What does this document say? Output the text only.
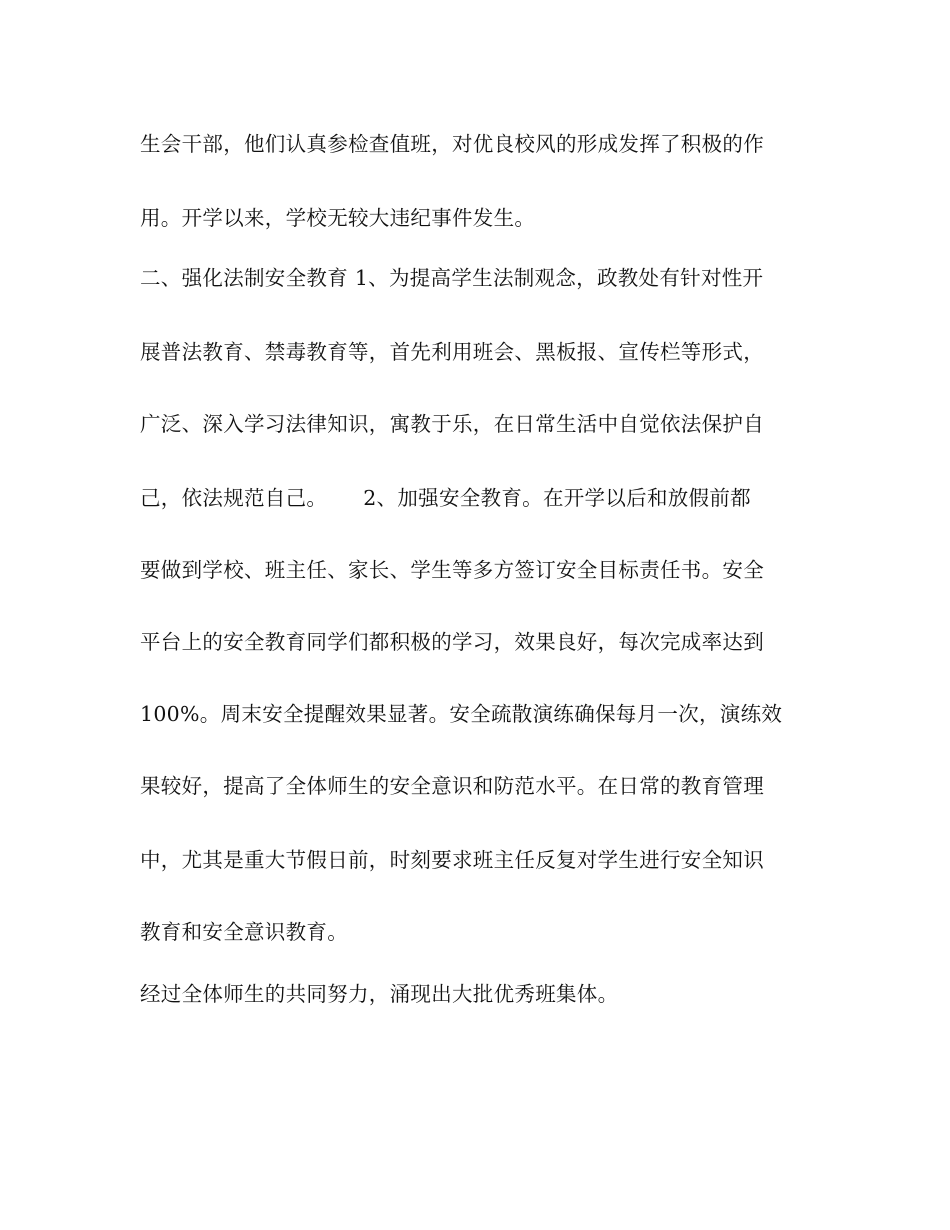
生会干部，他们认真参检查值班，对优良校风的形成发挥了积极的作
用。开学以来，学校无较大违纪事件发生。
二、强化法制安全教育 1、为提高学生法制观念，政教处有针对性开
展普法教育、禁毒教育等，首先利用班会、黑板报、宣传栏等形式，
广泛、深入学习法律知识，寓教于乐，在日常生活中自觉依法保护自
己，依法规范自己。 2、加强安全教育。在开学以后和放假前都
要做到学校、班主任、家长、学生等多方签订安全目标责任书。安全
平台上的安全教育同学们都积极的学习，效果良好，每次完成率达到
100%。周末安全提醒效果显著。安全疏散演练确保每月一次，演练效
果较好，提高了全体师生的安全意识和防范水平。在日常的教育管理
中，尤其是重大节假日前，时刻要求班主任反复对学生进行安全知识
教育和安全意识教育。
经过全体师生的共同努力，涌现出大批优秀班集体。
